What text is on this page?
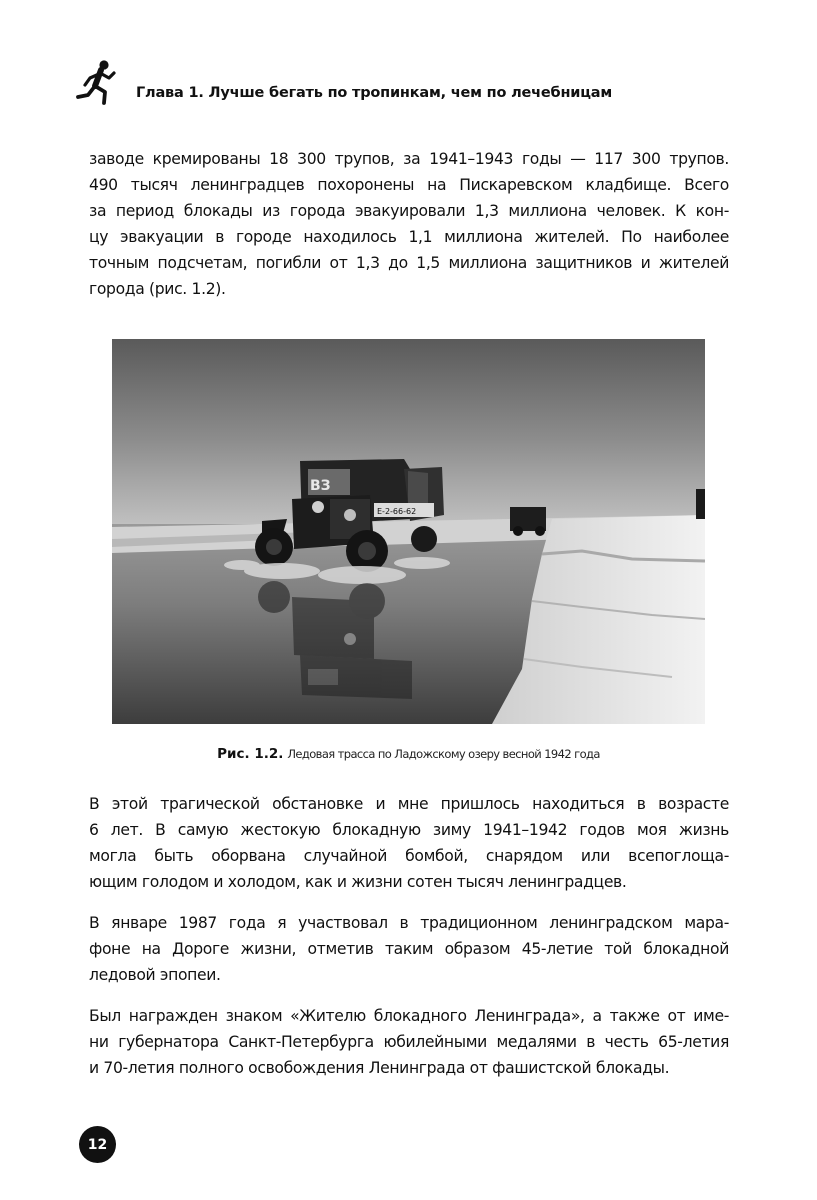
Глава 1. Лучше бегать по тропинкам, чем по лечебницам
заводе кремированы 18 300 трупов, за 1941–1943 годы — 117 300 трупов.
490 тысяч ленинградцев похоронены на Пискаревском кладбище. Всего
за период блокады из города эвакуировали 1,3 миллиона человек. К кон-
цу эвакуации в городе находилось 1,1 миллиона жителей. По наиболее
точным подсчетам, погибли от 1,3 до 1,5 миллиона защитников и жителей
города (рис. 1.2).
ВЗ
Е-2-66-62
Рис. 1.2. Ледовая трасса по Ладожскому озеру весной 1942 года
В этой трагической обстановке и мне пришлось находиться в возрасте
6 лет. В самую жестокую блокадную зиму 1941–1942 годов моя жизнь
могла быть оборвана случайной бомбой, снарядом или всепоглоща-
ющим голодом и холодом, как и жизни сотен тысяч ленинградцев.
В январе 1987 года я участвовал в традиционном ленинградском мара-
фоне на Дороге жизни, отметив таким образом 45-летие той блокадной
ледовой эпопеи.
Был награжден знаком «Жителю блокадного Ленинграда», а также от име-
ни губернатора Санкт-Петербурга юбилейными медалями в честь 65-летия
и 70-летия полного освобождения Ленинграда от фашистской блокады.
12
